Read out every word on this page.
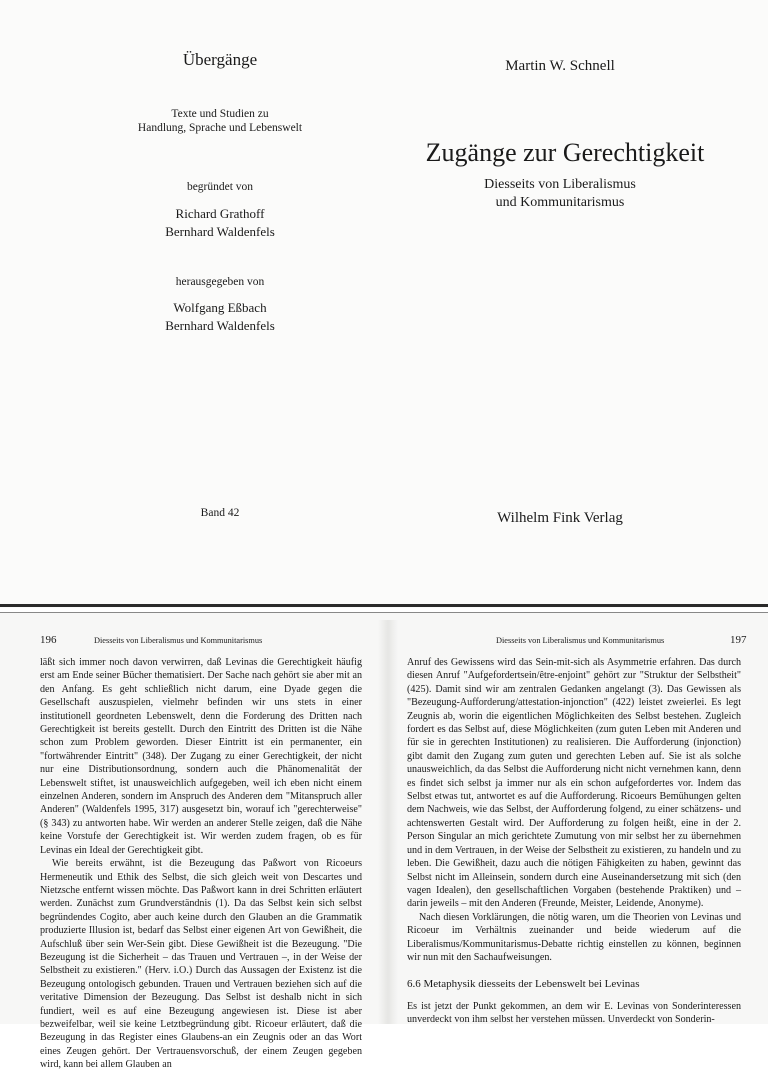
Übergänge
Texte und Studien zu
Handlung, Sprache und Lebenswelt
begründet von
Richard Grathoff
Bernhard Waldenfels
herausgegeben von
Wolfgang Eßbach
Bernhard Waldenfels
Band 42
Martin W. Schnell
Zugänge zur Gerechtigkeit
Diesseits von Liberalismus
und Kommunitarismus
Wilhelm Fink Verlag
196	Diesseits von Liberalismus und Kommunitarismus

läßt sich immer noch davon verwirren, daß Levinas die Gerechtigkeit häufig erst am Ende seiner Bücher thematisiert. Der Sache nach gehört sie aber mit an den Anfang. Es geht schließlich nicht darum, eine Dyade gegen die Gesellschaft auszuspielen, vielmehr befinden wir uns stets in einer institutionell geordneten Lebenswelt, denn die Forderung des Dritten nach Gerechtigkeit ist bereits gestellt. Durch den Eintritt des Dritten ist die Nähe schon zum Problem geworden. Dieser Eintritt ist ein permanenter, ein "fortwährender Eintritt" (348). Der Zugang zu einer Gerechtigkeit, der nicht nur eine Distributionsordnung, sondern auch die Phänomenalität der Lebenswelt stiftet, ist unausweichlich aufgegeben, weil ich eben nicht einem einzelnen Anderen, sondern im Anspruch des Anderen dem "Mitanspruch aller Anderen" (Waldenfels 1995, 317) ausgesetzt bin, worauf ich "gerechterweise" (§ 343) zu antworten habe. Wir werden an anderer Stelle zeigen, daß die Nähe keine Vorstufe der Gerechtigkeit ist. Wir werden zudem fragen, ob es für Levinas ein Ideal der Gerechtigkeit gibt.

Wie bereits erwähnt, ist die Bezeugung das Paßwort von Ricoeurs Hermeneutik und Ethik des Selbst, die sich gleich weit von Descartes und Nietzsche entfernt wissen möchte. Das Paßwort kann in drei Schritten erläutert werden. Zunächst zum Grundverständnis (1). Da das Selbst kein sich selbst begründendes Cogito, aber auch keine durch den Glauben an die Grammatik produzierte Illusion ist, bedarf das Selbst einer eigenen Art von Gewißheit, die Aufschluß über sein Wer-Sein gibt. Diese Gewißheit ist die Bezeugung. "Die Bezeugung ist die Sicherheit – das Trauen und Vertrauen –, in der Weise der Selbstheit zu existieren." (Herv. i.O.) Durch das Aussagen der Existenz ist die Bezeugung ontologisch gebunden. Trauen und Vertrauen beziehen sich auf die veritative Dimension der Bezeugung. Das Selbst ist deshalb nicht in sich fundiert, weil es auf eine Bezeugung angewiesen ist. Diese ist aber bezweifelbar, weil sie keine Letztbegründung gibt. Ricoeur erläutert, daß die Bezeugung in das Register eines Glaubens-an ein Zeugnis oder an das Wort eines Zeugen gehört. Der Vertrauensvorschuß, der einem Zeugen gegeben wird, kann bei allem Glauben an

Diesseits von Liberalismus und Kommunitarismus	197

Anruf des Gewissens wird das Sein-mit-sich als Asymmetrie erfahren. Das durch diesen Anruf "Aufgefordertsein/être-enjoint" gehört zur "Struktur der Selbstheit" (425). Damit sind wir am zentralen Gedanken angelangt (3). Das Gewissen als "Bezeugung-Aufforderung/attestation-injonction" (422) leistet zweierlei. Es legt Zeugnis ab, worin die eigentlichen Möglichkeiten des Selbst bestehen. Zugleich fordert es das Selbst auf, diese Möglichkeiten (zum guten Leben mit Anderen und für sie in gerechten Institutionen) zu realisieren. Die Aufforderung (injonction) gibt damit den Zugang zum guten und gerechten Leben auf. Sie ist als solche unausweichlich, da das Selbst die Aufforderung nicht nicht vernehmen kann, denn es findet sich selbst ja immer nur als ein schon aufgefordertes vor. Indem das Selbst etwas tut, antwortet es auf die Aufforderung. Ricoeurs Bemühungen gelten dem Nachweis, wie das Selbst, der Aufforderung folgend, zu einer schätzens- und achtenswerten Gestalt wird. Der Aufforderung zu folgen heißt, eine in der 2. Person Singular an mich gerichtete Zumutung von mir selbst her zu übernehmen und in dem Vertrauen, in der Weise der Selbstheit zu existieren, zu handeln und zu leben. Die Gewißheit, dazu auch die nötigen Fähigkeiten zu haben, gewinnt das Selbst nicht im Alleinsein, sondern durch eine Auseinandersetzung mit sich (den vagen Idealen), den gesellschaftlichen Vorgaben (bestehende Praktiken) und – darin jeweils – mit den Anderen (Freunde, Meister, Leidende, Anonyme).

Nach diesen Vorklärungen, die nötig waren, um die Theorien von Levinas und Ricoeur im Verhältnis zueinander und beide wiederum auf die Liberalismus/Kommunitarismus-Debatte richtig einstellen zu können, beginnen wir nun mit den Sachaufweisungen.

6.6 Metaphysik diesseits der Lebenswelt bei Levinas

Es ist jetzt der Punkt gekommen, an dem wir E. Levinas von Sonderinteressen unverdeckt von ihm selbst her verstehen müssen. Unverdeckt von Sonderin-
